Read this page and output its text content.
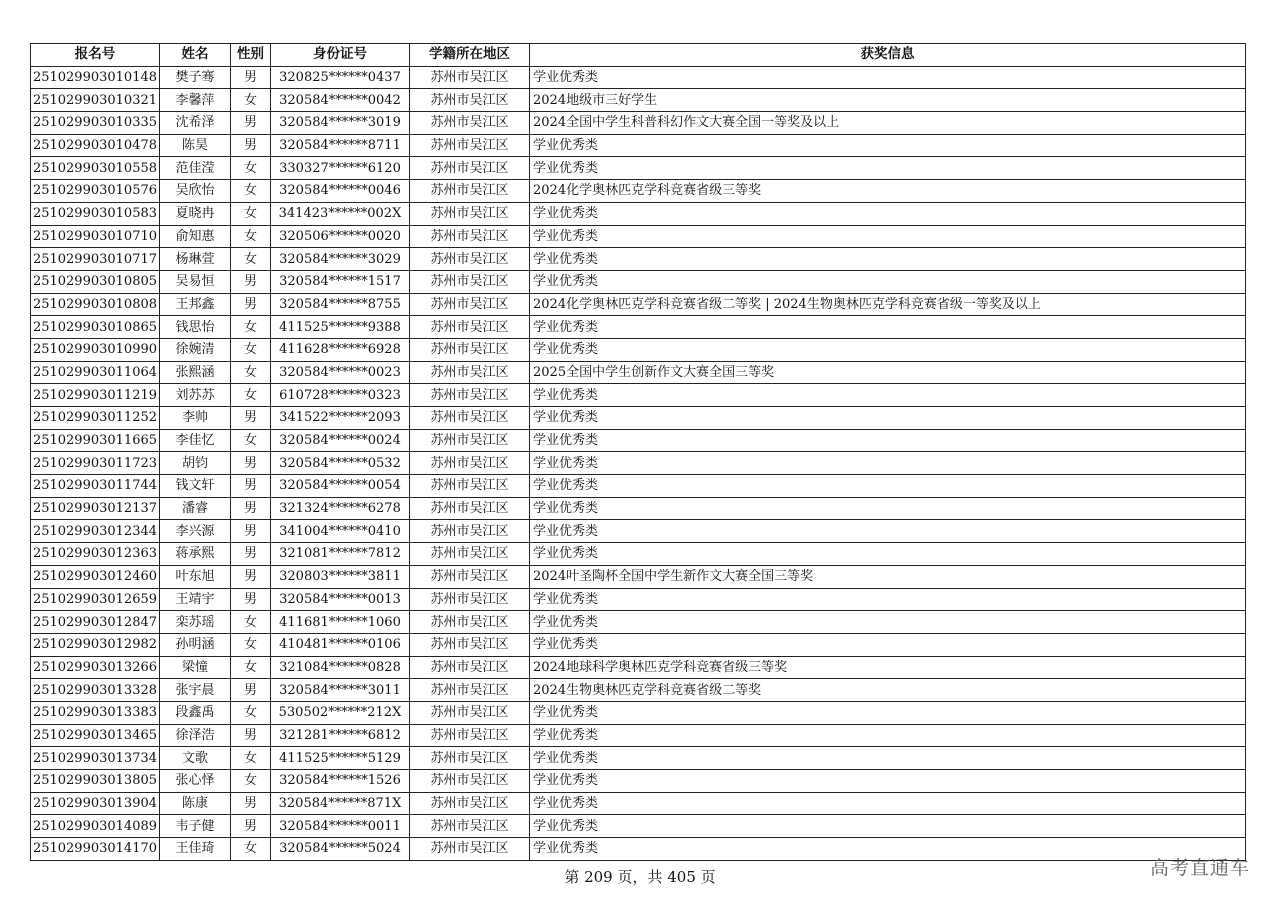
报名号	姓名	性别	身份证号	学籍所在地区	获奖信息
251029903010148	樊子骞	男	320825******0437	苏州市吴江区	学业优秀类
251029903010321	李馨萍	女	320584******0042	苏州市吴江区	2024地级市三好学生
251029903010335	沈希泽	男	320584******3019	苏州市吴江区	2024全国中学生科普科幻作文大赛全国一等奖及以上
251029903010478	陈昊	男	320584******8711	苏州市吴江区	学业优秀类
251029903010558	范佳滢	女	330327******6120	苏州市吴江区	学业优秀类
251029903010576	吴欣怡	女	320584******0046	苏州市吴江区	2024化学奥林匹克学科竞赛省级三等奖
251029903010583	夏晓冉	女	341423******002X	苏州市吴江区	学业优秀类
251029903010710	俞知惠	女	320506******0020	苏州市吴江区	学业优秀类
251029903010717	杨琳萱	女	320584******3029	苏州市吴江区	学业优秀类
251029903010805	吴易恒	男	320584******1517	苏州市吴江区	学业优秀类
251029903010808	王邦鑫	男	320584******8755	苏州市吴江区	2024化学奥林匹克学科竞赛省级二等奖 | 2024生物奥林匹克学科竞赛省级一等奖及以上
251029903010865	钱思怡	女	411525******9388	苏州市吴江区	学业优秀类
251029903010990	徐婉清	女	411628******6928	苏州市吴江区	学业优秀类
251029903011064	张熙涵	女	320584******0023	苏州市吴江区	2025全国中学生创新作文大赛全国三等奖
251029903011219	刘苏苏	女	610728******0323	苏州市吴江区	学业优秀类
251029903011252	李帅	男	341522******2093	苏州市吴江区	学业优秀类
251029903011665	李佳忆	女	320584******0024	苏州市吴江区	学业优秀类
251029903011723	胡钧	男	320584******0532	苏州市吴江区	学业优秀类
251029903011744	钱文轩	男	320584******0054	苏州市吴江区	学业优秀类
251029903012137	潘睿	男	321324******6278	苏州市吴江区	学业优秀类
251029903012344	李兴源	男	341004******0410	苏州市吴江区	学业优秀类
251029903012363	蒋承熙	男	321081******7812	苏州市吴江区	学业优秀类
251029903012460	叶东旭	男	320803******3811	苏州市吴江区	2024叶圣陶杯全国中学生新作文大赛全国三等奖
251029903012659	王靖宇	男	320584******0013	苏州市吴江区	学业优秀类
251029903012847	栾苏瑶	女	411681******1060	苏州市吴江区	学业优秀类
251029903012982	孙明涵	女	410481******0106	苏州市吴江区	学业优秀类
251029903013266	梁憧	女	321084******0828	苏州市吴江区	2024地球科学奥林匹克学科竞赛省级三等奖
251029903013328	张宇晨	男	320584******3011	苏州市吴江区	2024生物奥林匹克学科竞赛省级二等奖
251029903013383	段鑫禹	女	530502******212X	苏州市吴江区	学业优秀类
251029903013465	徐泽浩	男	321281******6812	苏州市吴江区	学业优秀类
251029903013734	文歌	女	411525******5129	苏州市吴江区	学业优秀类
251029903013805	张心怿	女	320584******1526	苏州市吴江区	学业优秀类
251029903013904	陈康	男	320584******871X	苏州市吴江区	学业优秀类
251029903014089	韦子健	男	320584******0011	苏州市吴江区	学业优秀类
251029903014170	王佳琦	女	320584******5024	苏州市吴江区	学业优秀类
第 209 页，共 405 页	高考直通车
